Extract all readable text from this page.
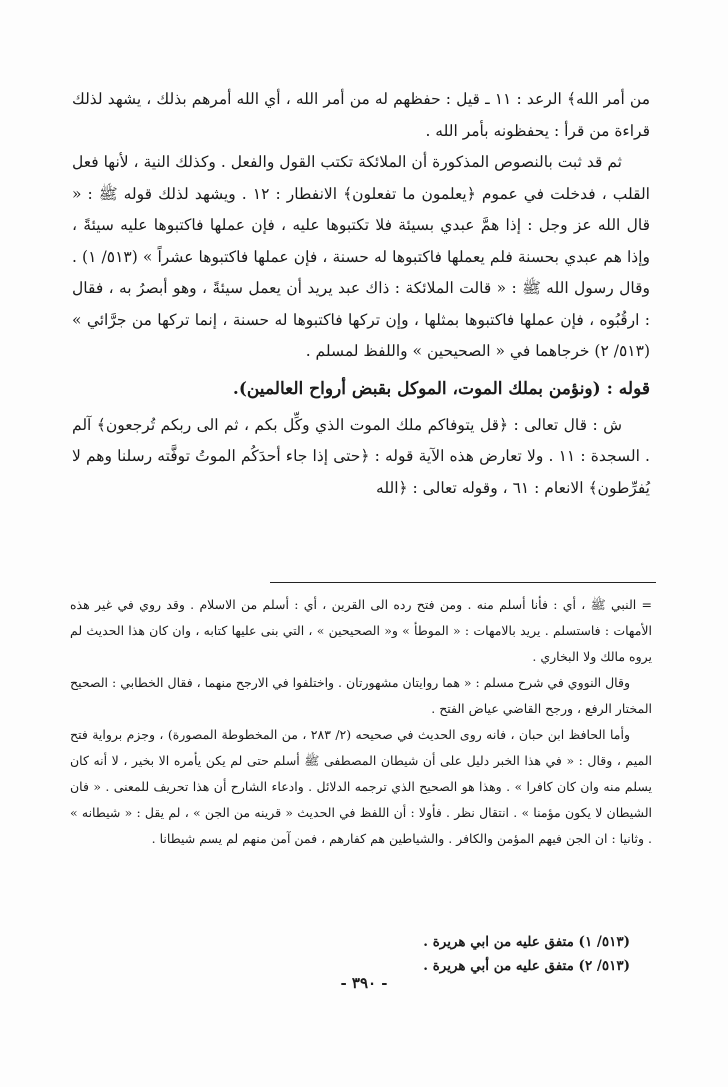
من أمر الله﴾ الرعد : ١١ ـ قيل : حفظهم له من أمر الله ، أي الله أمرهم بذلك ، يشهد لذلك قراءة من قرأ : يحفظونه بأمر الله .

ثم قد ثبت بالنصوص المذكورة أن الملائكة تكتب القول والفعل . وكذلك النية ، لأنها فعل القلب ، فدخلت في عموم ﴿يعلمون ما تفعلون﴾ الانفطار : ١٢ . ويشهد لذلك قوله ﷺ : « قال الله عز وجل : إذا همَّ عبدي بسيئة فلا تكتبوها عليه ، فإن عملها فاكتبوها عليه سيئةً ، وإذا هم عبدي بحسنة فلم يعملها فاكتبوها له حسنة ، فإن عملها فاكتبوها عشراً » (٥١٣/ ١) . وقال رسول الله ﷺ : « قالت الملائكة : ذاك عبد يريد أن يعمل سيئةً ، وهو أبصرُ به ، فقال : ارقُبُوه ، فإن عملها فاكتبوها بمثلها ، وإن تركها فاكتبوها له حسنة ، إنما تركها من جرَّائي » (٥١٣/ ٢) خرجاهما في « الصحيحين » واللفظ لمسلم .

قوله : (ونؤمن بملك الموت، الموكل بقبض أرواح العالمين).

ش : قال تعالى : ﴿قل يتوفاكم ملك الموت الذي وكِّل بكم ، ثم الى ربكم تُرجعون﴾ آلم . السجدة : ١١ . ولا تعارض هذه الآية قوله : ﴿حتى إذا جاء أحدَكُم الموتُ توفَّته رسلنا وهم لا يُفرِّطون﴾ الانعام : ٦١ ، وقوله تعالى : ﴿الله

= النبي ﷺ ، أي : فأنا أسلم منه . ومن فتح رده الى القرين ، أي : أسلم من الاسلام . وقد روي في غير هذه الأمهات : فاستسلم . يريد بالامهات : « الموطأ » و« الصحيحين » ، التي بنى عليها كتابه ، وان كان هذا الحديث لم يروه مالك ولا البخاري .

وقال النووي في شرح مسلم : « هما روايتان مشهورتان . واختلفوا في الارجح منهما ، فقال الخطابي : الصحيح المختار الرفع ، ورجح القاضي عياض الفتح .

وأما الحافظ ابن حبان ، فانه روى الحديث في صحيحه (٢/ ٢٨٣ ، من المخطوطة المصورة) ، وجزم برواية فتح الميم ، وقال : « في هذا الخبر دليل على أن شيطان المصطفى ﷺ أسلم حتى لم يكن يأمره الا بخير ، لا أنه كان يسلم منه وان كان كافرا » . وهذا هو الصحيح الذي ترجمه الدلائل . وادعاء الشارح أن هذا تحريف للمعنى . « فان الشيطان لا يكون مؤمنا » . انتقال نظر . فأولا : أن اللفظ في الحديث « قرينه من الجن » ، لم يقل : « شيطانه » . وثانيا : ان الجن فيهم المؤمن والكافر . والشياطين هم كفارهم ، فمن آمن منهم لم يسم شيطانا .

(٥١٣/ ١) متفق عليه من ابي هريرة .

(٥١٣/ ٢) متفق عليه من أبي هريرة .

- ٣٩٠ -
